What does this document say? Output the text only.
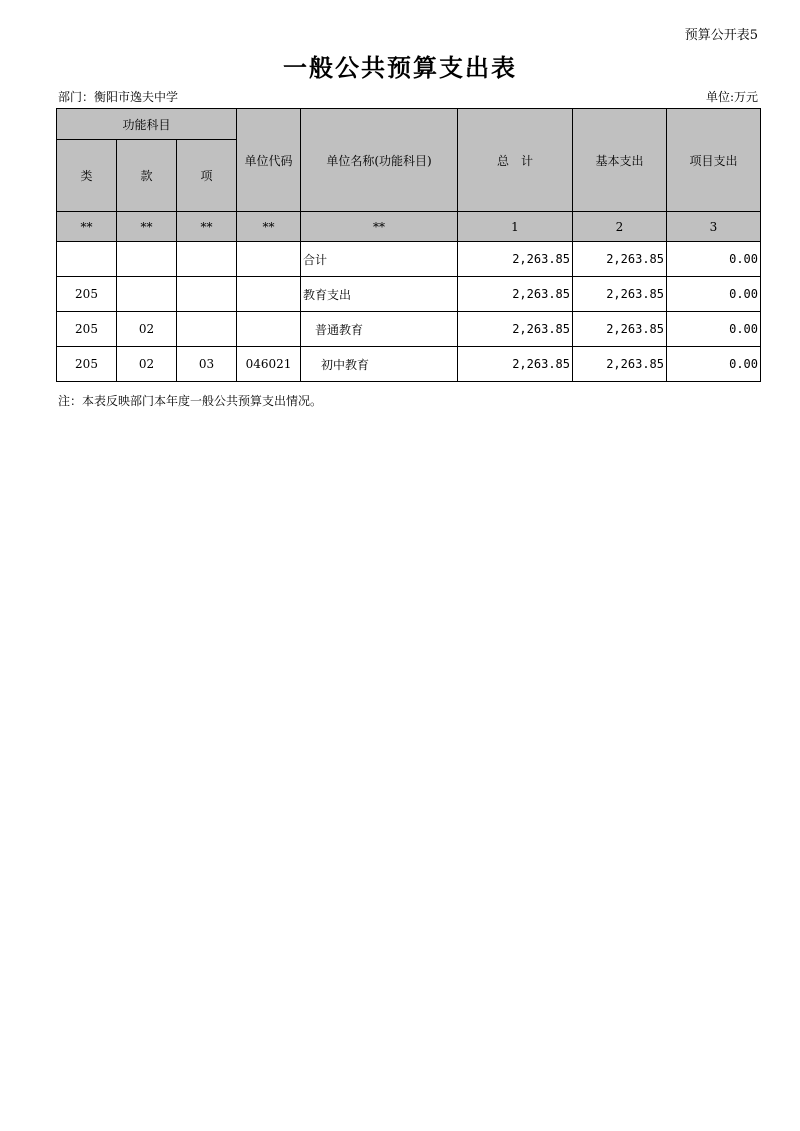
预算公开表5
一般公共预算支出表
部门：衡阳市逸夫中学	单位:万元
功能科目			单位代码	单位名称(功能科目)	总　计	基本支出	项目支出
类	款	项					
**	**	**	**	**	1	2	3
				合计	2,263.85	2,263.85	0.00
205				教育支出	2,263.85	2,263.85	0.00
205	02			普通教育	2,263.85	2,263.85	0.00
205	02	03	046021	初中教育	2,263.85	2,263.85	0.00
注：本表反映部门本年度一般公共预算支出情况。
